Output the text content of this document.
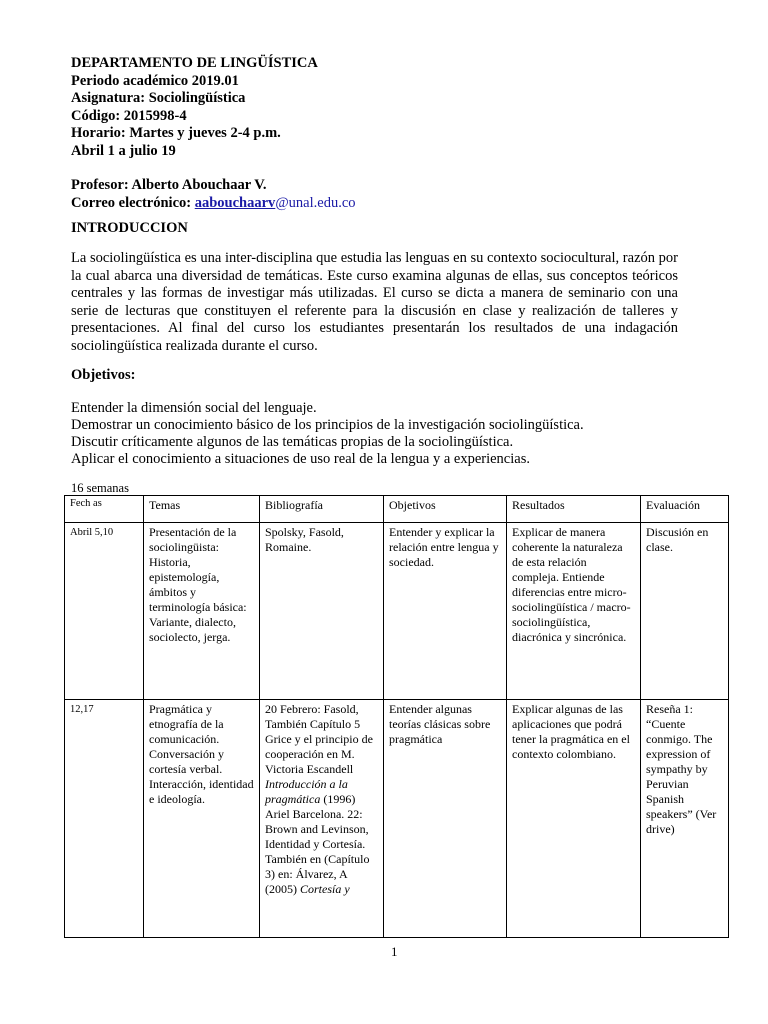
DEPARTAMENTO DE LINGÜÍSTICA
Periodo académico 2019.01
Asignatura: Sociolingüística
Código: 2015998-4
Horario: Martes y jueves 2-4 p.m.
Abril 1 a julio 19
Profesor: Alberto Abouchaar V.
Correo electrónico: aabouchaarv@unal.edu.co
INTRODUCCION
La sociolingüística es una inter-disciplina que estudia las lenguas en su contexto sociocultural, razón por la cual abarca una diversidad de temáticas. Este curso examina algunas de ellas, sus conceptos teóricos centrales y las formas de investigar más utilizadas. El curso se dicta a manera de seminario con una serie de lecturas que constituyen el referente para la discusión en clase y realización de talleres y presentaciones. Al final del curso los estudiantes presentarán los resultados de una indagación sociolingüística realizada durante el curso.
Objetivos:
Entender la dimensión social del lenguaje.
Demostrar un conocimiento básico de los principios de la investigación sociolingüística.
Discutir críticamente algunos de las temáticas propias de la sociolingüística.
Aplicar el conocimiento a situaciones de uso real de la lengua y a experiencias.
16 semanas
Fech as	Temas	Bibliografía	Objetivos	Resultados	Evaluación
Abril 5,10	Presentación de la sociolingüista: Historia, epistemología, ámbitos y terminología básica: Variante, dialecto, sociolecto, jerga.	Spolsky, Fasold, Romaine.	Entender y explicar la relación entre lengua y sociedad.	Explicar de manera coherente la naturaleza de esta relación compleja. Entiende diferencias entre micro-sociolingüística / macro-sociolingüística, diacrónica y sincrónica.	Discusión en clase.
12,17	Pragmática y etnografía de la comunicación. Conversación y cortesía verbal. Interacción, identidad e ideología.	20 Febrero: Fasold, También Capítulo 5 Grice y el principio de cooperación en M. Victoria Escandell
Introducción a la pragmática (1996) Ariel Barcelona. 22: Brown and Levinson, Identidad y Cortesía. También en (Capítulo 3) en: Álvarez, A (2005) Cortesía y	Entender algunas teorías clásicas sobre pragmática	Explicar algunas de las aplicaciones que podrá tener la pragmática en el contexto colombiano.	Reseña 1: “Cuente conmigo. The expression of sympathy by Peruvian Spanish speakers” (Ver drive)
1
